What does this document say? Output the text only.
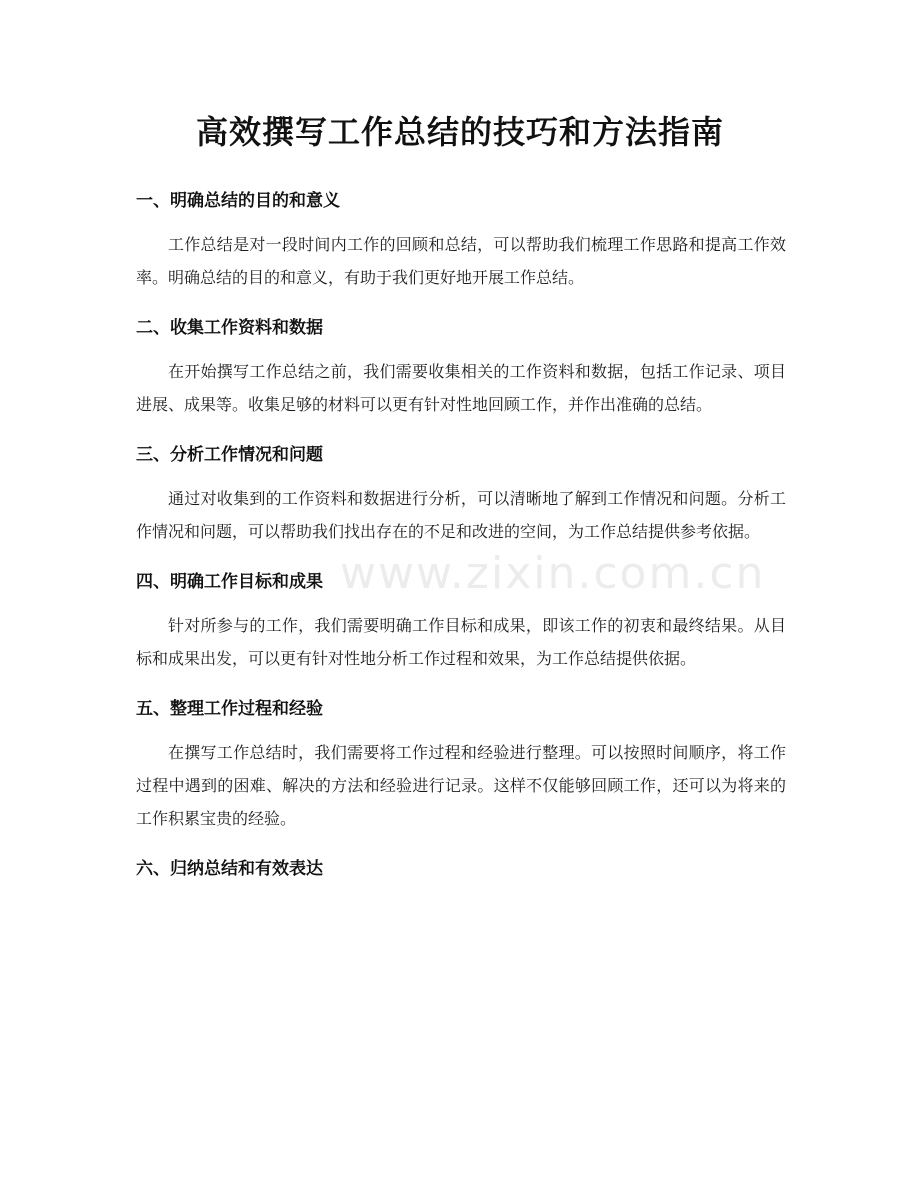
高效撰写工作总结的技巧和方法指南
www.zixin.com.cn
一、明确总结的目的和意义

工作总结是对一段时间内工作的回顾和总结，可以帮助我们梳理工作思路和提高工作效率。明确总结的目的和意义，有助于我们更好地开展工作总结。

二、收集工作资料和数据

在开始撰写工作总结之前，我们需要收集相关的工作资料和数据，包括工作记录、项目进展、成果等。收集足够的材料可以更有针对性地回顾工作，并作出准确的总结。

三、分析工作情况和问题

通过对收集到的工作资料和数据进行分析，可以清晰地了解到工作情况和问题。分析工作情况和问题，可以帮助我们找出存在的不足和改进的空间，为工作总结提供参考依据。

四、明确工作目标和成果

针对所参与的工作，我们需要明确工作目标和成果，即该工作的初衷和最终结果。从目标和成果出发，可以更有针对性地分析工作过程和效果，为工作总结提供依据。

五、整理工作过程和经验

在撰写工作总结时，我们需要将工作过程和经验进行整理。可以按照时间顺序，将工作过程中遇到的困难、解决的方法和经验进行记录。这样不仅能够回顾工作，还可以为将来的工作积累宝贵的经验。

六、归纳总结和有效表达
